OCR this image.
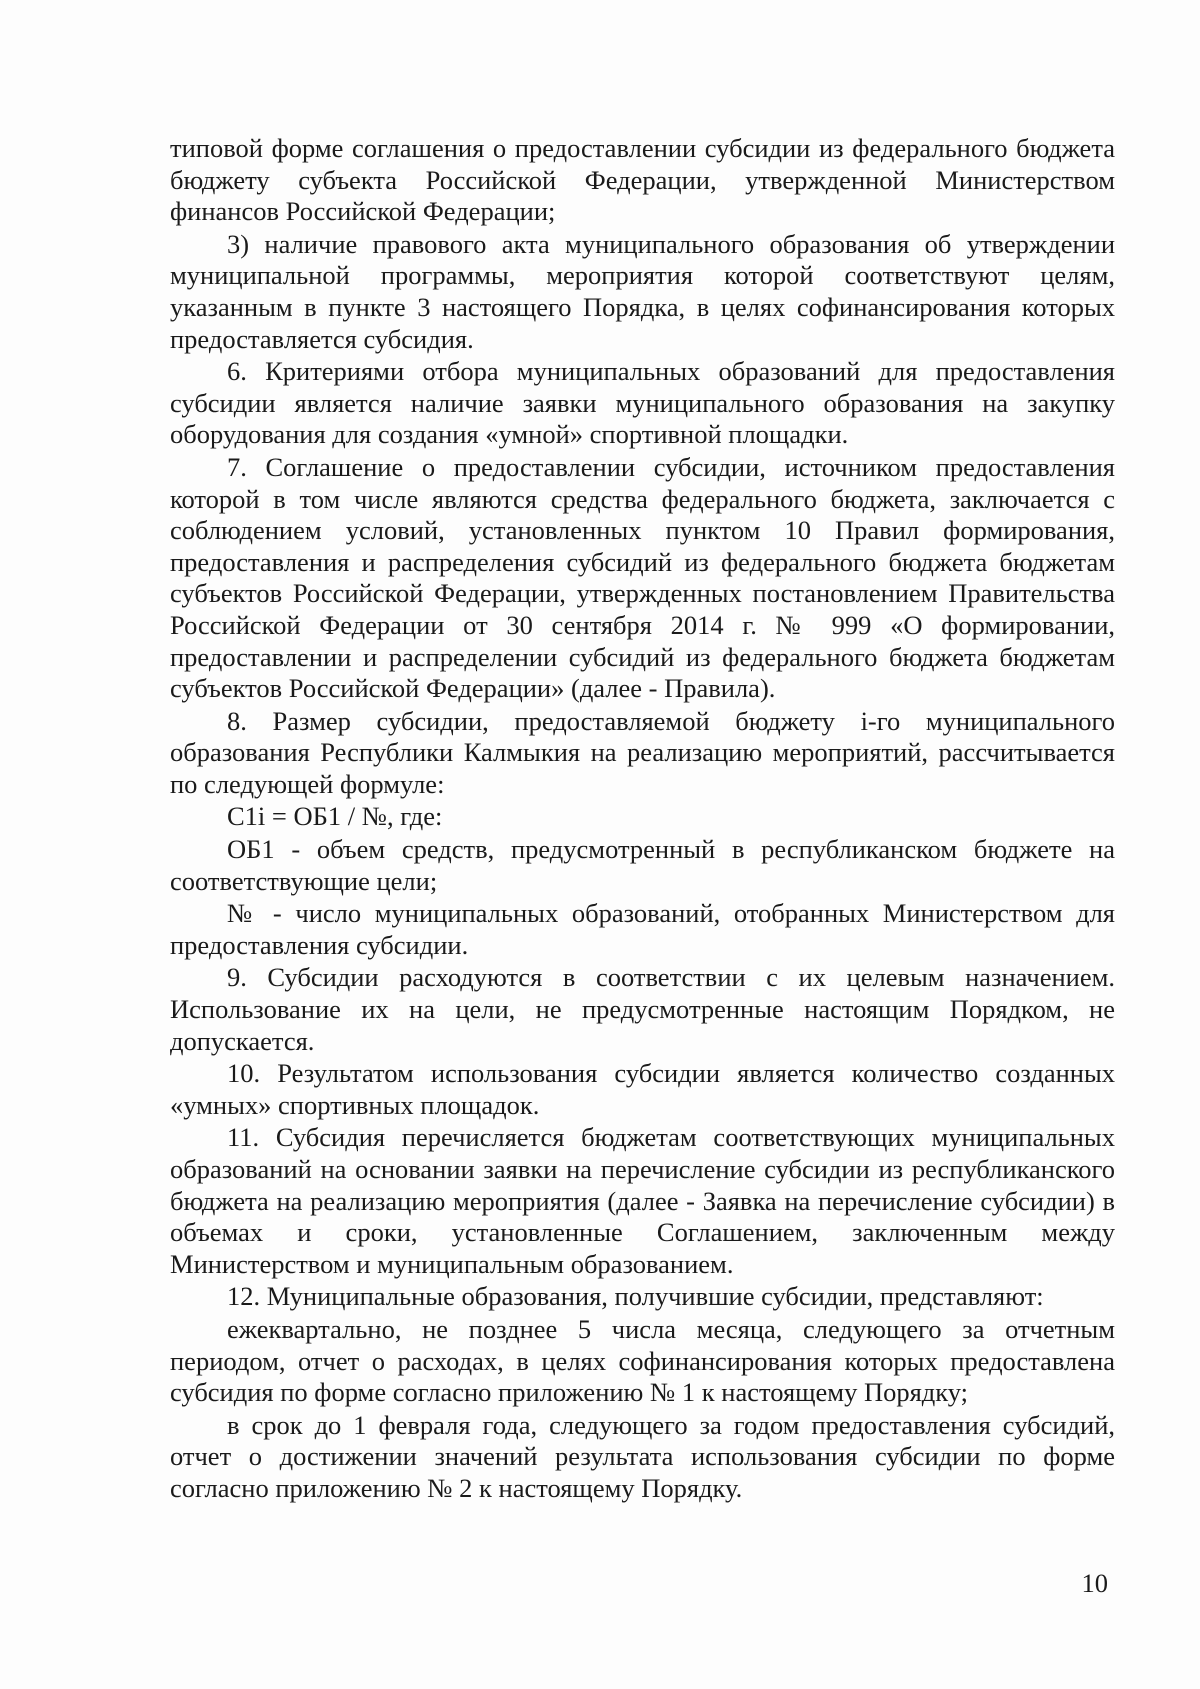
типовой форме соглашения о предоставлении субсидии из федерального бюджета бюджету субъекта Российской Федерации, утвержденной Министерством финансов Российской Федерации;

3) наличие правового акта муниципального образования об утверждении муниципальной программы, мероприятия которой соответствуют целям, указанным в пункте 3 настоящего Порядка, в целях софинансирования которых предоставляется субсидия.

6. Критериями отбора муниципальных образований для предоставления субсидии является наличие заявки муниципального образования на закупку оборудования для создания «умной» спортивной площадки.

7. Соглашение о предоставлении субсидии, источником предоставления которой в том числе являются средства федерального бюджета, заключается с соблюдением условий, установленных пунктом 10 Правил формирования, предоставления и распределения субсидий из федерального бюджета бюджетам субъектов Российской Федерации, утвержденных постановлением Правительства Российской Федерации от 30 сентября 2014 г. № 999 «О формировании, предоставлении и распределении субсидий из федерального бюджета бюджетам субъектов Российской Федерации» (далее - Правила).

8. Размер субсидии, предоставляемой бюджету i-го муниципального образования Республики Калмыкия на реализацию мероприятий, рассчитывается по следующей формуле:

С1i = ОБ1 / №, где:

ОБ1 - объем средств, предусмотренный в республиканском бюджете на соответствующие цели;

№ - число муниципальных образований, отобранных Министерством для предоставления субсидии.

9. Субсидии расходуются в соответствии с их целевым назначением. Использование их на цели, не предусмотренные настоящим Порядком, не допускается.

10. Результатом использования субсидии является количество созданных «умных» спортивных площадок.

11. Субсидия перечисляется бюджетам соответствующих муниципальных образований на основании заявки на перечисление субсидии из республиканского бюджета на реализацию мероприятия (далее - Заявка на перечисление субсидии) в объемах и сроки, установленные Соглашением, заключенным между Министерством и муниципальным образованием.

12. Муниципальные образования, получившие субсидии, представляют:

ежеквартально, не позднее 5 числа месяца, следующего за отчетным периодом, отчет о расходах, в целях софинансирования которых предоставлена субсидия по форме согласно приложению № 1 к настоящему Порядку;

в срок до 1 февраля года, следующего за годом предоставления субсидий, отчет о достижении значений результата использования субсидии по форме согласно приложению № 2 к настоящему Порядку.

10
